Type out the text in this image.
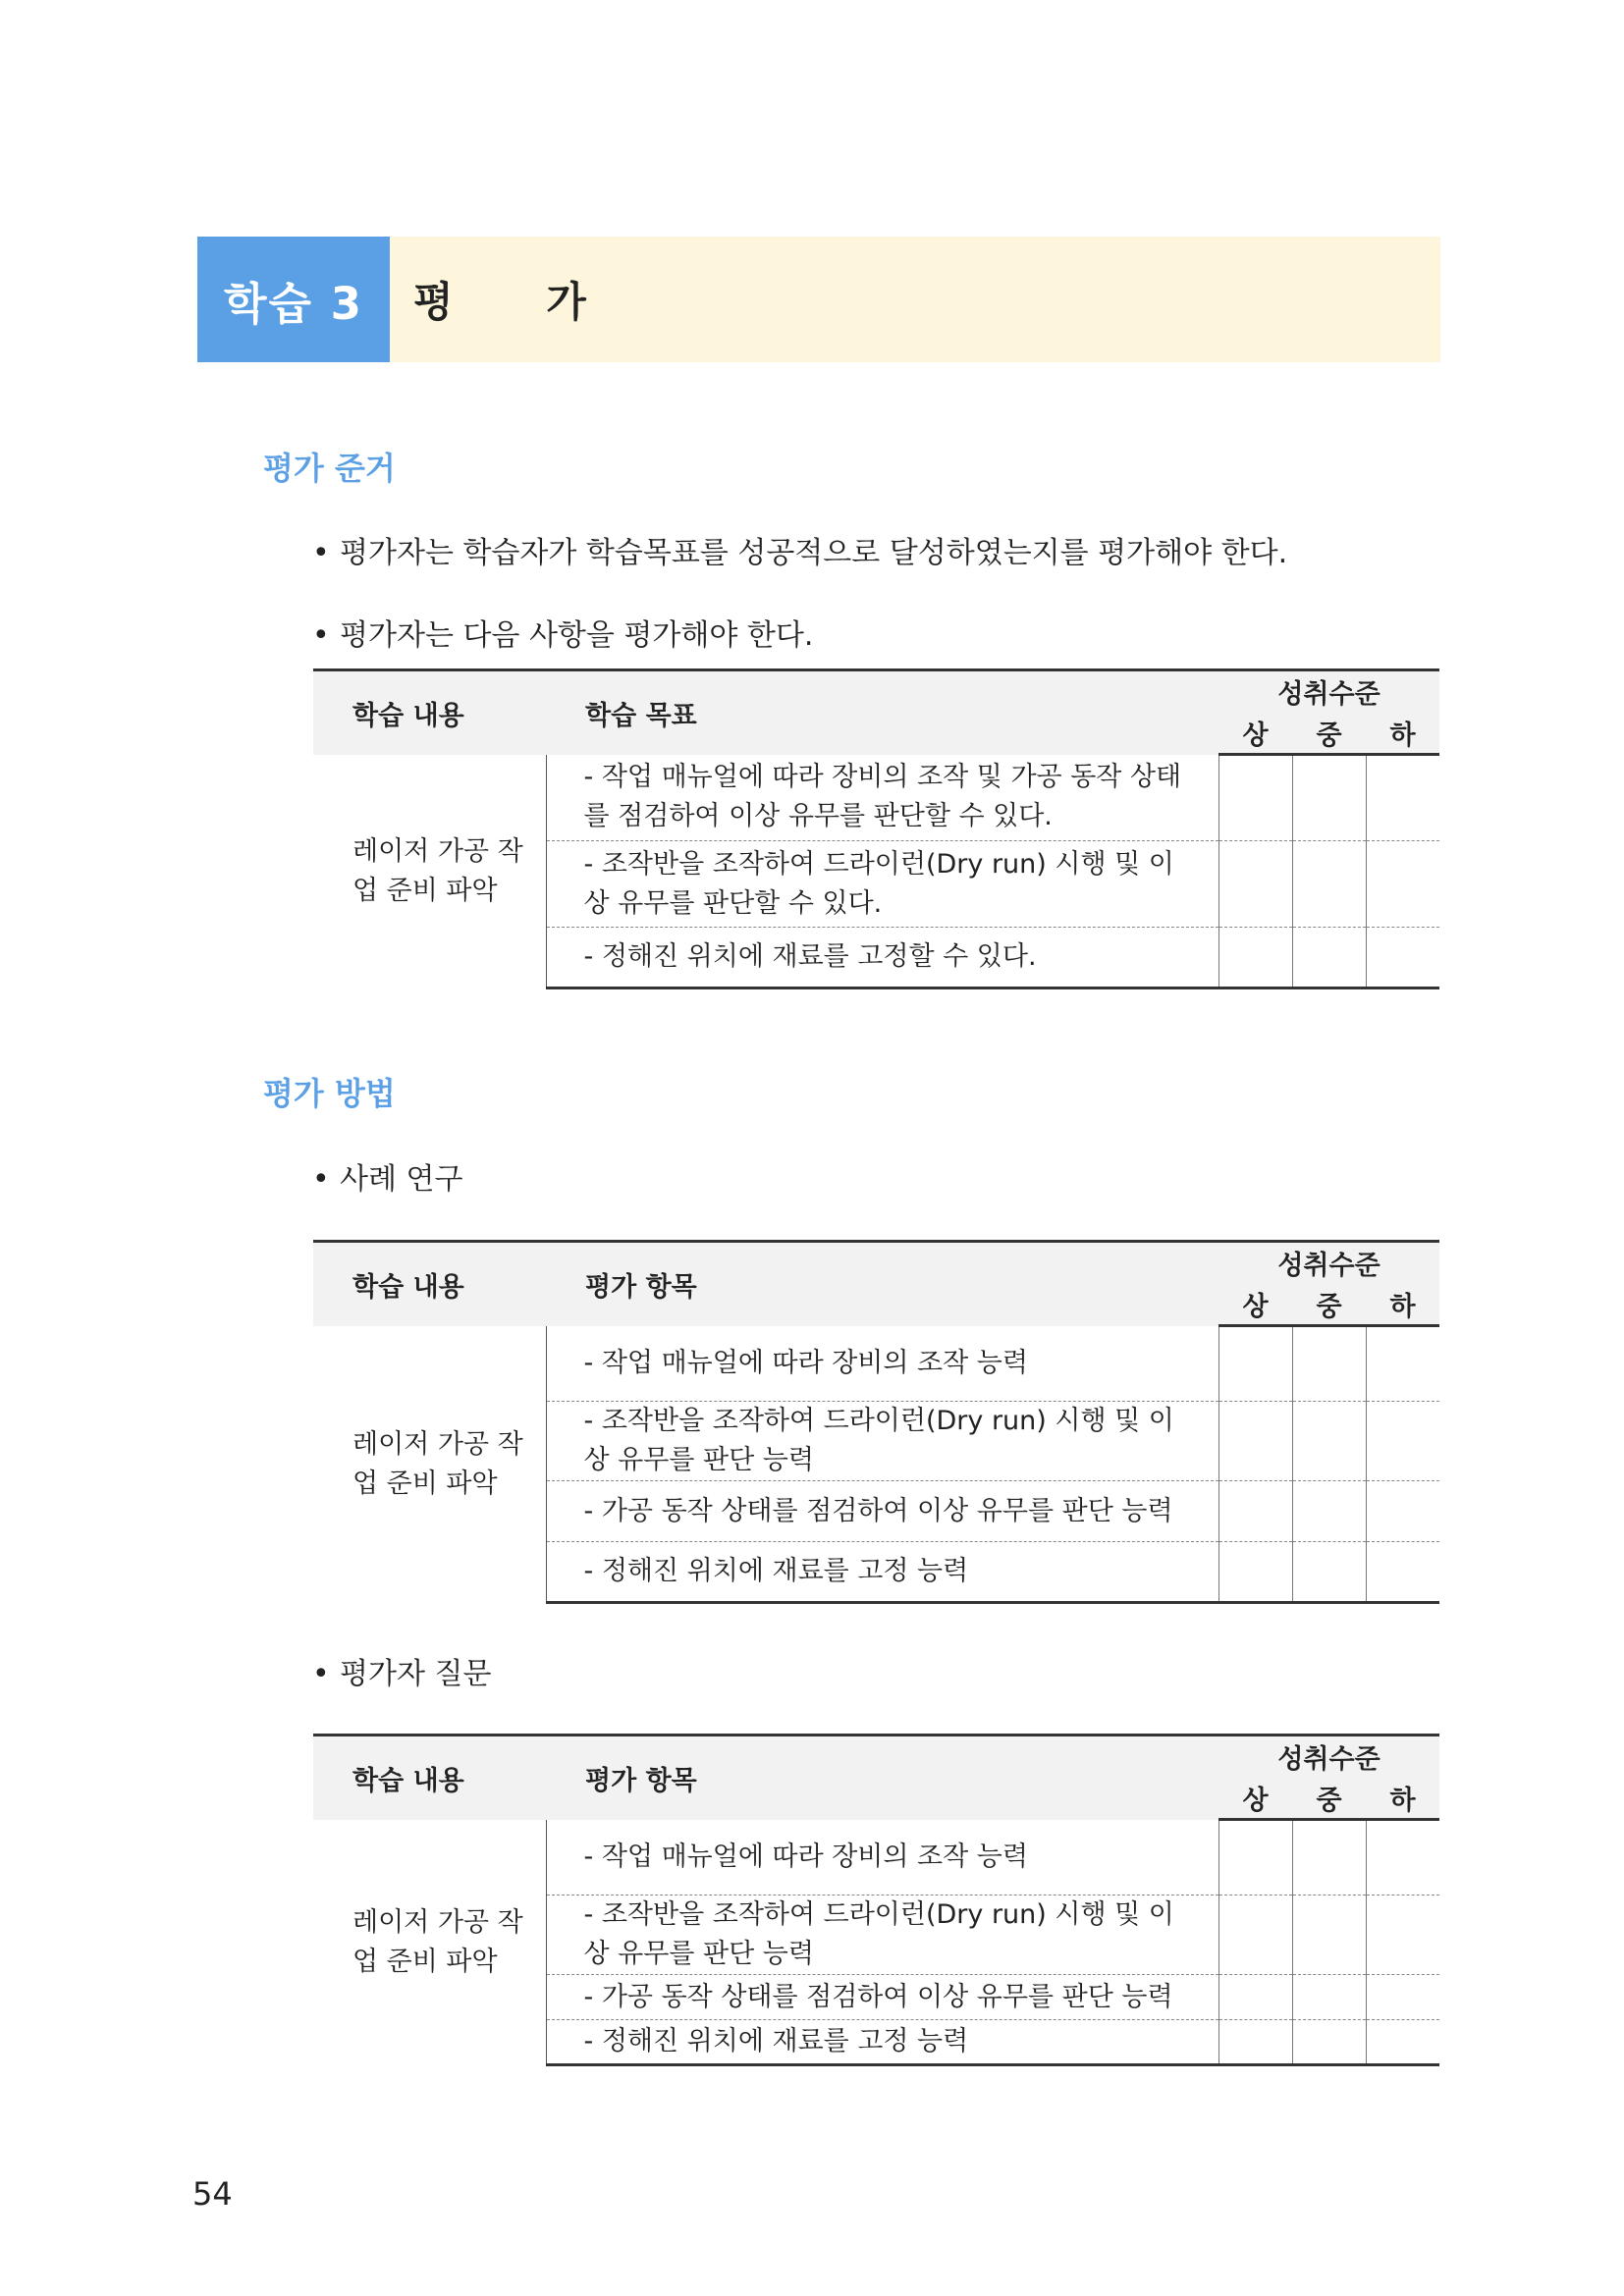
학습 3	평 가
평가 준거
• 평가자는 학습자가 학습목표를 성공적으로 달성하였는지를 평가해야 한다.
• 평가자는 다음 사항을 평가해야 한다.
학습 내용	학습 목표	성취수준		
		상	중	하
레이저 가공 작업 준비 파악	- 작업 매뉴얼에 따라 장비의 조작 및 가공 동작 상태를 점검하여 이상 유무를 판단할 수 있다.			
	- 조작반을 조작하여 드라이런(Dry run) 시행 및 이상 유무를 판단할 수 있다.			
	- 정해진 위치에 재료를 고정할 수 있다.			
평가 방법
• 사례 연구
학습 내용	평가 항목	성취수준		
		상	중	하
레이저 가공 작업 준비 파악	- 작업 매뉴얼에 따라 장비의 조작 능력			
	- 조작반을 조작하여 드라이런(Dry run) 시행 및 이상 유무를 판단 능력			
	- 가공 동작 상태를 점검하여 이상 유무를 판단 능력			
	- 정해진 위치에 재료를 고정 능력			
• 평가자 질문
학습 내용	평가 항목	성취수준		
		상	중	하
레이저 가공 작업 준비 파악	- 작업 매뉴얼에 따라 장비의 조작 능력			
	- 조작반을 조작하여 드라이런(Dry run) 시행 및 이상 유무를 판단 능력			
	- 가공 동작 상태를 점검하여 이상 유무를 판단 능력			
	- 정해진 위치에 재료를 고정 능력			
54
